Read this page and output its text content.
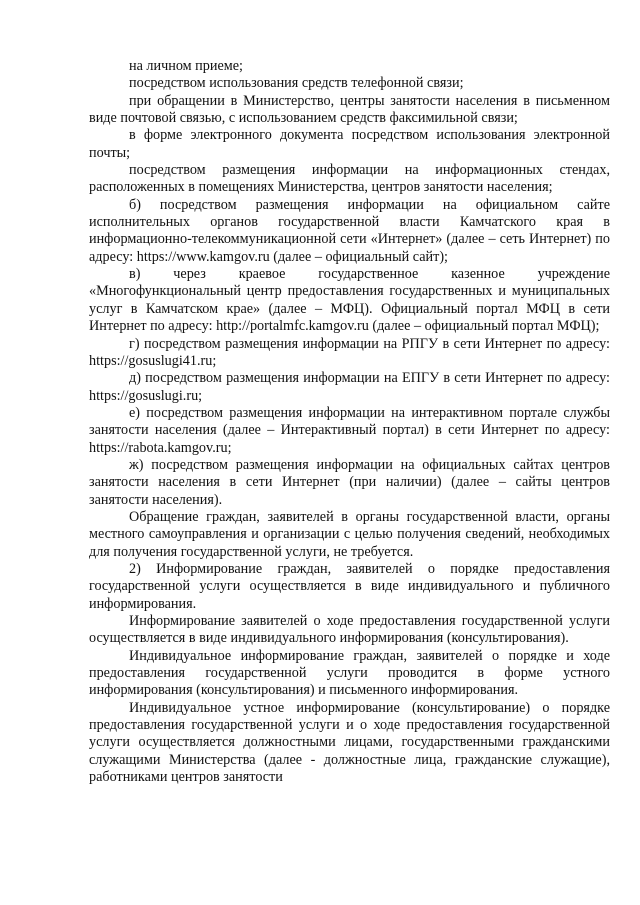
на личном приеме;

посредством использования средств телефонной связи;

при обращении в Министерство, центры занятости населения в письменном виде почтовой связью, с использованием средств факсимильной связи;

в форме электронного документа посредством использования электронной почты;

посредством размещения информации на информационных стендах, расположенных в помещениях Министерства, центров занятости населения;

б) посредством размещения информации на официальном сайте исполнительных органов государственной власти Камчатского края в информационно-телекоммуникационной сети «Интернет» (далее – сеть Интернет) по адресу: https://www.kamgov.ru (далее – официальный сайт);

в) через краевое государственное казенное учреждение «Многофункциональный центр предоставления государственных и муниципальных услуг в Камчатском крае» (далее – МФЦ). Официальный портал МФЦ в сети Интернет по адресу: http://portalmfc.kamgov.ru (далее – официальный портал МФЦ);

г) посредством размещения информации на РПГУ в сети Интернет по адресу: https://gosuslugi41.ru;

д) посредством размещения информации на ЕПГУ в сети Интернет по адресу: https://gosuslugi.ru;

е) посредством размещения информации на интерактивном портале службы занятости населения (далее – Интерактивный портал) в сети Интернет по адресу: https://rabota.kamgov.ru;

ж) посредством размещения информации на официальных сайтах центров занятости населения в сети Интернет (при наличии) (далее – сайты центров занятости населения).

Обращение граждан, заявителей в органы государственной власти, органы местного самоуправления и организации с целью получения сведений, необходимых для получения государственной услуги, не требуется.

2) Информирование граждан, заявителей о порядке предоставления государственной услуги осуществляется в виде индивидуального и публичного информирования.

Информирование заявителей о ходе предоставления государственной услуги осуществляется в виде индивидуального информирования (консультирования).

Индивидуальное информирование граждан, заявителей о порядке и ходе предоставления государственной услуги проводится в форме устного информирования (консультирования) и письменного информирования.

Индивидуальное устное информирование (консультирование) о порядке предоставления государственной услуги и о ходе предоставления государственной услуги осуществляется должностными лицами, государственными гражданскими служащими Министерства (далее - должностные лица, гражданские служащие), работниками центров занятости
